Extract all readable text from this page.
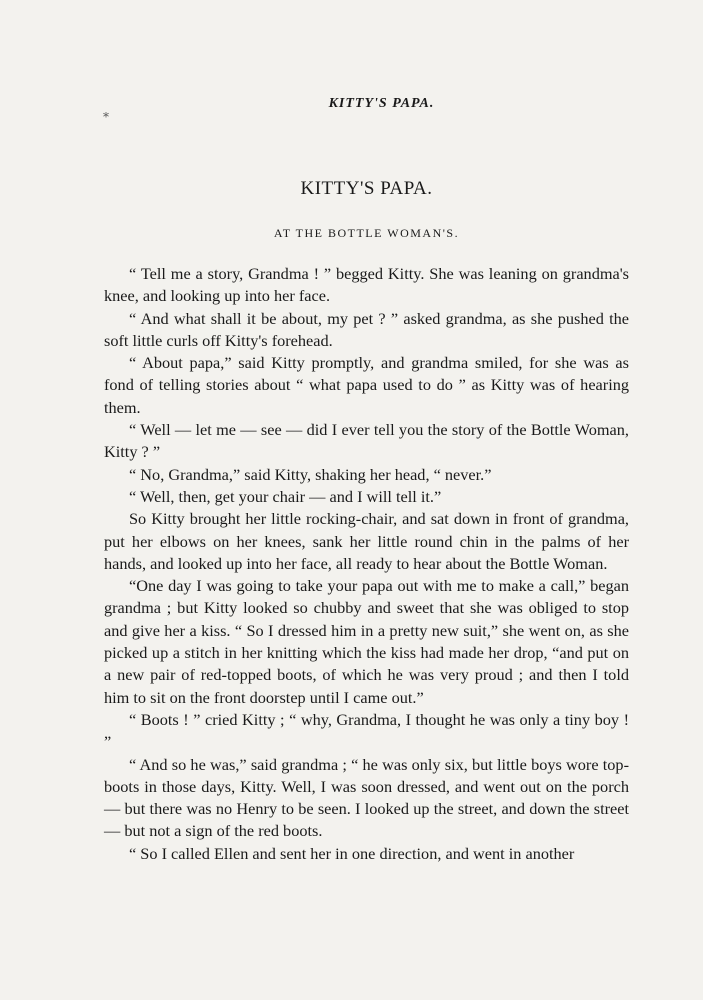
⁎
KITTY'S PAPA.
KITTY'S PAPA.
AT THE BOTTLE WOMAN'S.

“ Tell me a story, Grandma ! ” begged Kitty. She was leaning on grandma's knee, and looking up into her face.

“ And what shall it be about, my pet ? ” asked grandma, as she pushed the soft little curls off Kitty's forehead.

“ About papa,” said Kitty promptly, and grandma smiled, for she was as fond of telling stories about “ what papa used to do ” as Kitty was of hearing them.

“ Well — let me — see — did I ever tell you the story of the Bottle Woman, Kitty ? ”

“ No, Grandma,” said Kitty, shaking her head, “ never.”

“ Well, then, get your chair — and I will tell it.”

So Kitty brought her little rocking-chair, and sat down in front of grandma, put her elbows on her knees, sank her little round chin in the palms of her hands, and looked up into her face, all ready to hear about the Bottle Woman.

“One day I was going to take your papa out with me to make a call,” began grandma ; but Kitty looked so chubby and sweet that she was obliged to stop and give her a kiss. “ So I dressed him in a pretty new suit,” she went on, as she picked up a stitch in her knitting which the kiss had made her drop, “and put on a new pair of red-topped boots, of which he was very proud ; and then I told him to sit on the front doorstep until I came out.”

“ Boots ! ” cried Kitty ; “ why, Grandma, I thought he was only a tiny boy ! ”

“ And so he was,” said grandma ; “ he was only six, but little boys wore top-boots in those days, Kitty. Well, I was soon dressed, and went out on the porch — but there was no Henry to be seen. I looked up the street, and down the street — but not a sign of the red boots.

“ So I called Ellen and sent her in one direction, and went in another
